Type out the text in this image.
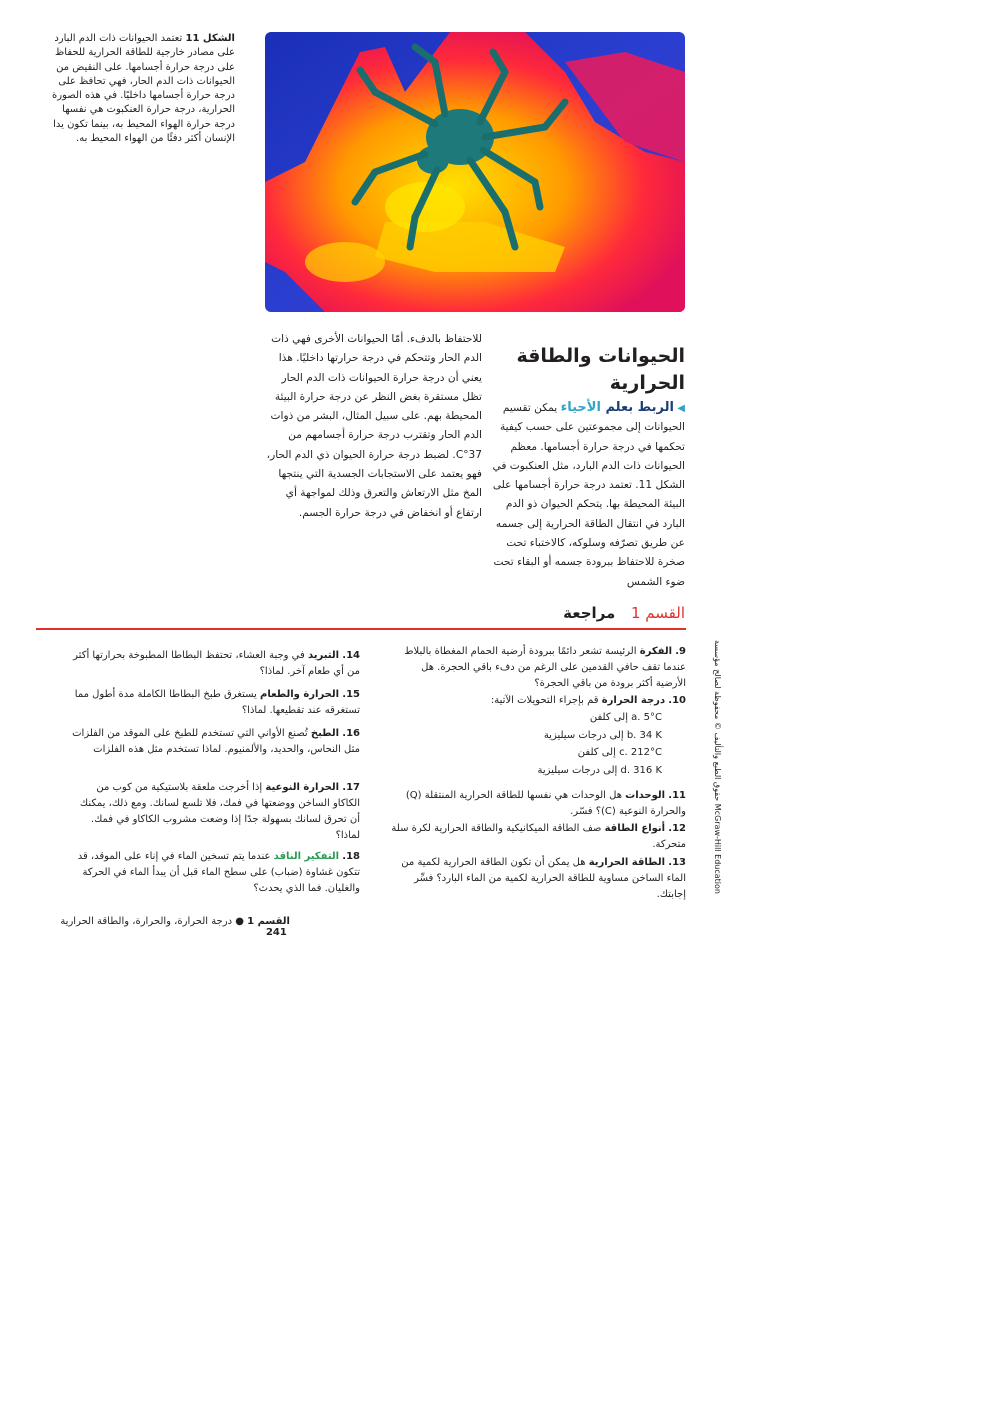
الشكل 11 تعتمد الحيوانات ذات الدم البارد على مصادر خارجية للطاقة الحرارية للحفاظ على درجة حرارة أجسامها. على النقيض من الحيوانات ذات الدم الحار، فهي تحافظ على درجة حرارة أجسامها داخليًا. في هذه الصورة الحرارية، درجة حرارة العنكبوت هي نفسها درجة حرارة الهواء المحيط به، بينما تكون يدا الإنسان أكثر دفئًا من الهواء المحيط به.
الحيوانات والطاقة الحرارية
◀ الربط بعلم الأحياء يمكن تقسيم الحيوانات إلى مجموعتين على حسب كيفية تحكمها في درجة حرارة أجسامها. معظم الحيوانات ذات الدم البارد، مثل العنكبوت في الشكل 11. تعتمد درجة حرارة أجسامها على البيئة المحيطة بها. يتحكم الحيوان ذو الدم البارد في انتقال الطاقة الحرارية إلى جسمه عن طريق تصرّفه وسلوكه، كالاختباء تحت صخرة للاحتفاظ ببرودة جسمه أو البقاء تحت ضوء الشمس
للاحتفاظ بالدفء. أمّا الحيوانات الأخرى فهي ذات الدم الحار وتتحكم في درجة حرارتها داخليًا. هذا يعني أن درجة حرارة الحيوانات ذات الدم الحار تظل مستقرة بغض النظر عن درجة حرارة البيئة المحيطة بهم. على سبيل المثال، البشر من ذوات الدم الحار وتقترب درجة حرارة أجسامهم من 37°C. لضبط درجة حرارة الحيوان ذي الدم الحار، فهو يعتمد على الاستجابات الجسدية التي ينتجها المخ مثل الارتعاش والتعرق وذلك لمواجهة أي ارتفاع أو انخفاض في درجة حرارة الجسم.
القسم 1   مراجعة
9. الفكرة الرئيسة تشعر دائمًا ببرودة أرضية الحمام المغطاة بالبلاط عندما تقف حافي القدمين على الرغم من دفء باقي الحجرة. هل الأرضية أكثر برودة من باقي الحجرة؟
10. درجة الحرارة قم بإجراء التحويلات الآتية:
a. 5°C إلى كلفن
b. 34 K إلى درجات سيليزية
c. 212°C إلى كلفن
d. 316 K إلى درجات سيليزية
11. الوحدات هل الوحدات هي نفسها للطاقة الحرارية المنتقلة (Q) والحرارة النوعية (C)؟ فسّر.
12. أنواع الطاقة صف الطاقة الميكانيكية والطاقة الحرارية لكرة سلة متحركة.
13. الطاقة الحرارية هل يمكن أن تكون الطاقة الحرارية لكمية من الماء الساخن مساوية للطاقة الحرارية لكمية من الماء البارد؟ فسِّر إجابتك.
14. التبريد في وجبة العشاء، تحتفظ البطاطا المطبوخة بحرارتها أكثر من أي طعام آخر. لماذا؟
15. الحرارة والطعام يستغرق طبخ البطاطا الكاملة مدة أطول مما تستغرقه عند تقطيعها. لماذا؟
16. الطبخ تُصنع الأواني التي تستخدم للطبخ على الموقد من الفلزات مثل النحاس، والحديد، والألمنيوم. لماذا تستخدم مثل هذه الفلزات
17. الحرارة النوعية إذا أخرجت ملعقة بلاستيكية من كوب من الكاكاو الساخن ووضعتها في فمك، فلا تلسع لسانك. ومع ذلك، يمكنك أن تحرق لسانك بسهولة جدًا إذا وضعت مشروب الكاكاو في فمك. لماذا؟
18. التفكير الناقد عندما يتم تسخين الماء في إناء على الموقد، قد تتكون غشاوة (ضباب) على سطح الماء قبل أن يبدأ الماء في الحركة والغليان. فما الذي يحدث؟
حقوق الطبع والتأليف © محفوظة لصالح مؤسسة McGraw-Hill Education
القسم 1 ● درجة الحرارة، والحرارة، والطاقة الحرارية  241
